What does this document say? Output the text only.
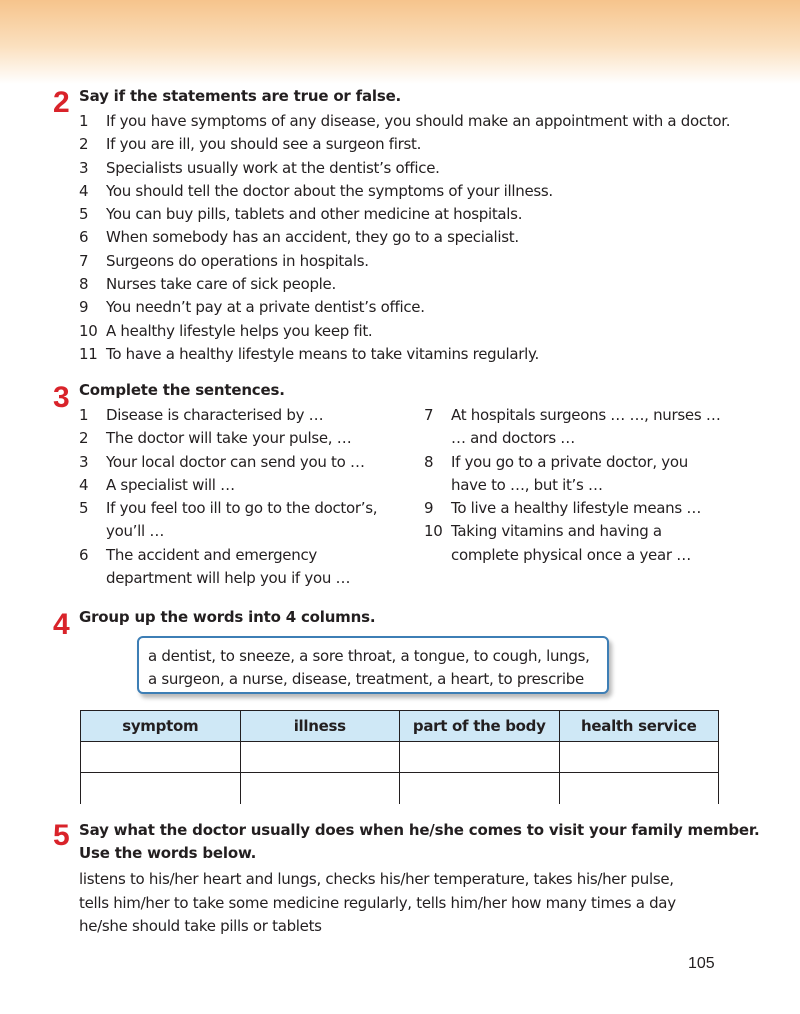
2 Say if the statements are true or false.
1 If you have symptoms of any disease, you should make an appointment with a doctor.
2 If you are ill, you should see a surgeon first.
3 Specialists usually work at the dentist’s office.
4 You should tell the doctor about the symptoms of your illness.
5 You can buy pills, tablets and other medicine at hospitals.
6 When somebody has an accident, they go to a specialist.
7 Surgeons do operations in hospitals.
8 Nurses take care of sick people.
9 You needn’t pay at a private dentist’s office.
10 A healthy lifestyle helps you keep fit.
11 To have a healthy lifestyle means to take vitamins regularly.
3 Complete the sentences.
1 Disease is characterised by …
2 The doctor will take your pulse, …
3 Your local doctor can send you to …
4 A specialist will …
5 If you feel too ill to go to the doctor’s, you’ll …
6 The accident and emergency department will help you if you …
7 At hospitals surgeons … …, nurses … … and doctors …
8 If you go to a private doctor, you have to …, but it’s …
9 To live a healthy lifestyle means …
10 Taking vitamins and having a complete physical once a year …
4 Group up the words into 4 columns.
a dentist, to sneeze, a sore throat, a tongue, to cough, lungs,
a surgeon, a nurse, disease, treatment, a heart, to prescribe
symptom	illness	part of the body	health service

5 Say what the doctor usually does when he/she comes to visit your family member.
Use the words below.
listens to his/her heart and lungs, checks his/her temperature, takes his/her pulse,
tells him/her to take some medicine regularly, tells him/her how many times a day
he/she should take pills or tablets
105
